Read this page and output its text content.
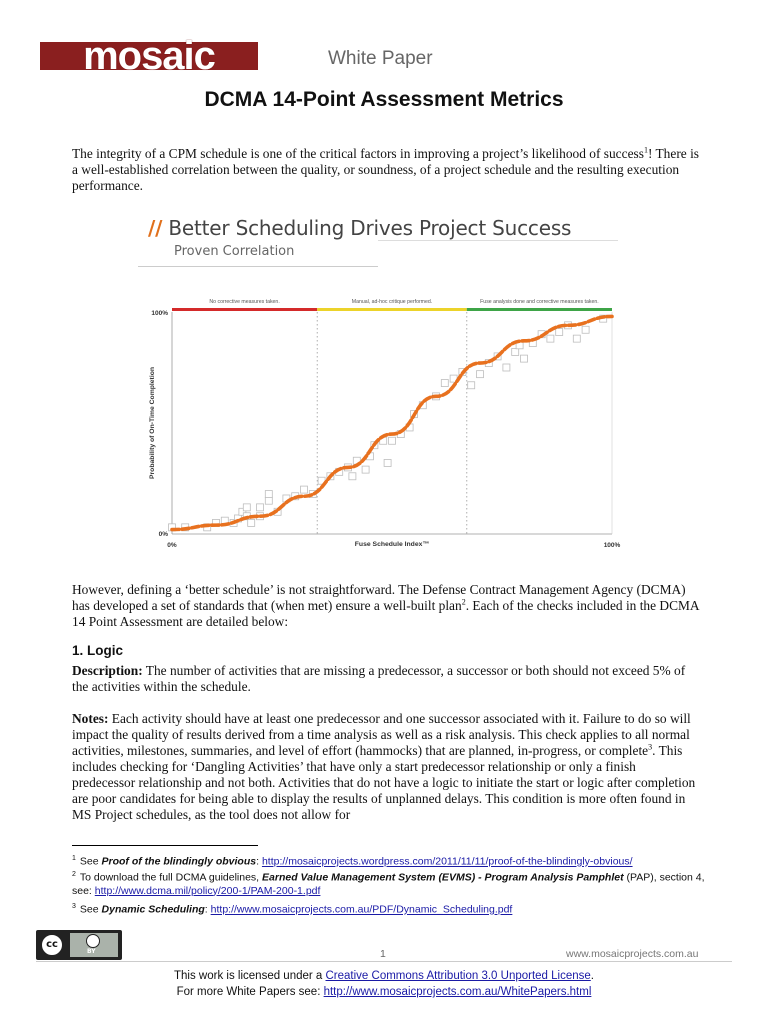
mosaic	White Paper
DCMA 14-Point Assessment Metrics
The integrity of a CPM schedule is one of the critical factors in improving a project’s likelihood of success$^1$! There is a well-established correlation between the quality, or soundness, of a project schedule and the resulting execution performance.
// Better Scheduling Drives Project Success
Proven Correlation
No corrective measures taken.	Manual, ad-hoc critique performed.	Fuse analysis done and corrective measures taken.
100%
0%
0%	100%
Fuse Schedule Index™
Probability of On-Time Completion
However, defining a ‘better schedule’ is not straightforward. The Defense Contract Management Agency (DCMA) has developed a set of standards that (when met) ensure a well-built plan$^2$. Each of the checks included in the DCMA 14 Point Assessment are detailed below:
1. Logic
Description: The number of activities that are missing a predecessor, a successor or both should not exceed 5% of the activities within the schedule.
Notes: Each activity should have at least one predecessor and one successor associated with it. Failure to do so will impact the quality of results derived from a time analysis as well as a risk analysis. This check applies to all normal activities, milestones, summaries, and level of effort (hammocks) that are planned, in-progress, or complete$^3$. This includes checking for ‘Dangling Activities’ that have only a start predecessor relationship or only a finish predecessor relationship and not both. Activities that do not have a logic to initiate the start or logic after completion are poor candidates for being able to display the results of unplanned delays. This condition is more often found in MS Project schedules, as the tool does not allow for
$^1$ See Proof of the blindingly obvious: http://mosaicprojects.wordpress.com/2011/11/11/proof-of-the-blindingly-obvious/
$^2$ To download the full DCMA guidelines, Earned Value Management System (EVMS) - Program Analysis Pamphlet (PAP), section 4, see: http://www.dcma.mil/policy/200-1/PAM-200-1.pdf
$^3$ See Dynamic Scheduling: http://www.mosaicprojects.com.au/PDF/Dynamic_Scheduling.pdf
cc
BY	1	www.mosaicprojects.com.au
This work is licensed under a Creative Commons Attribution 3.0 Unported License.
For more White Papers see: http://www.mosaicprojects.com.au/WhitePapers.html
